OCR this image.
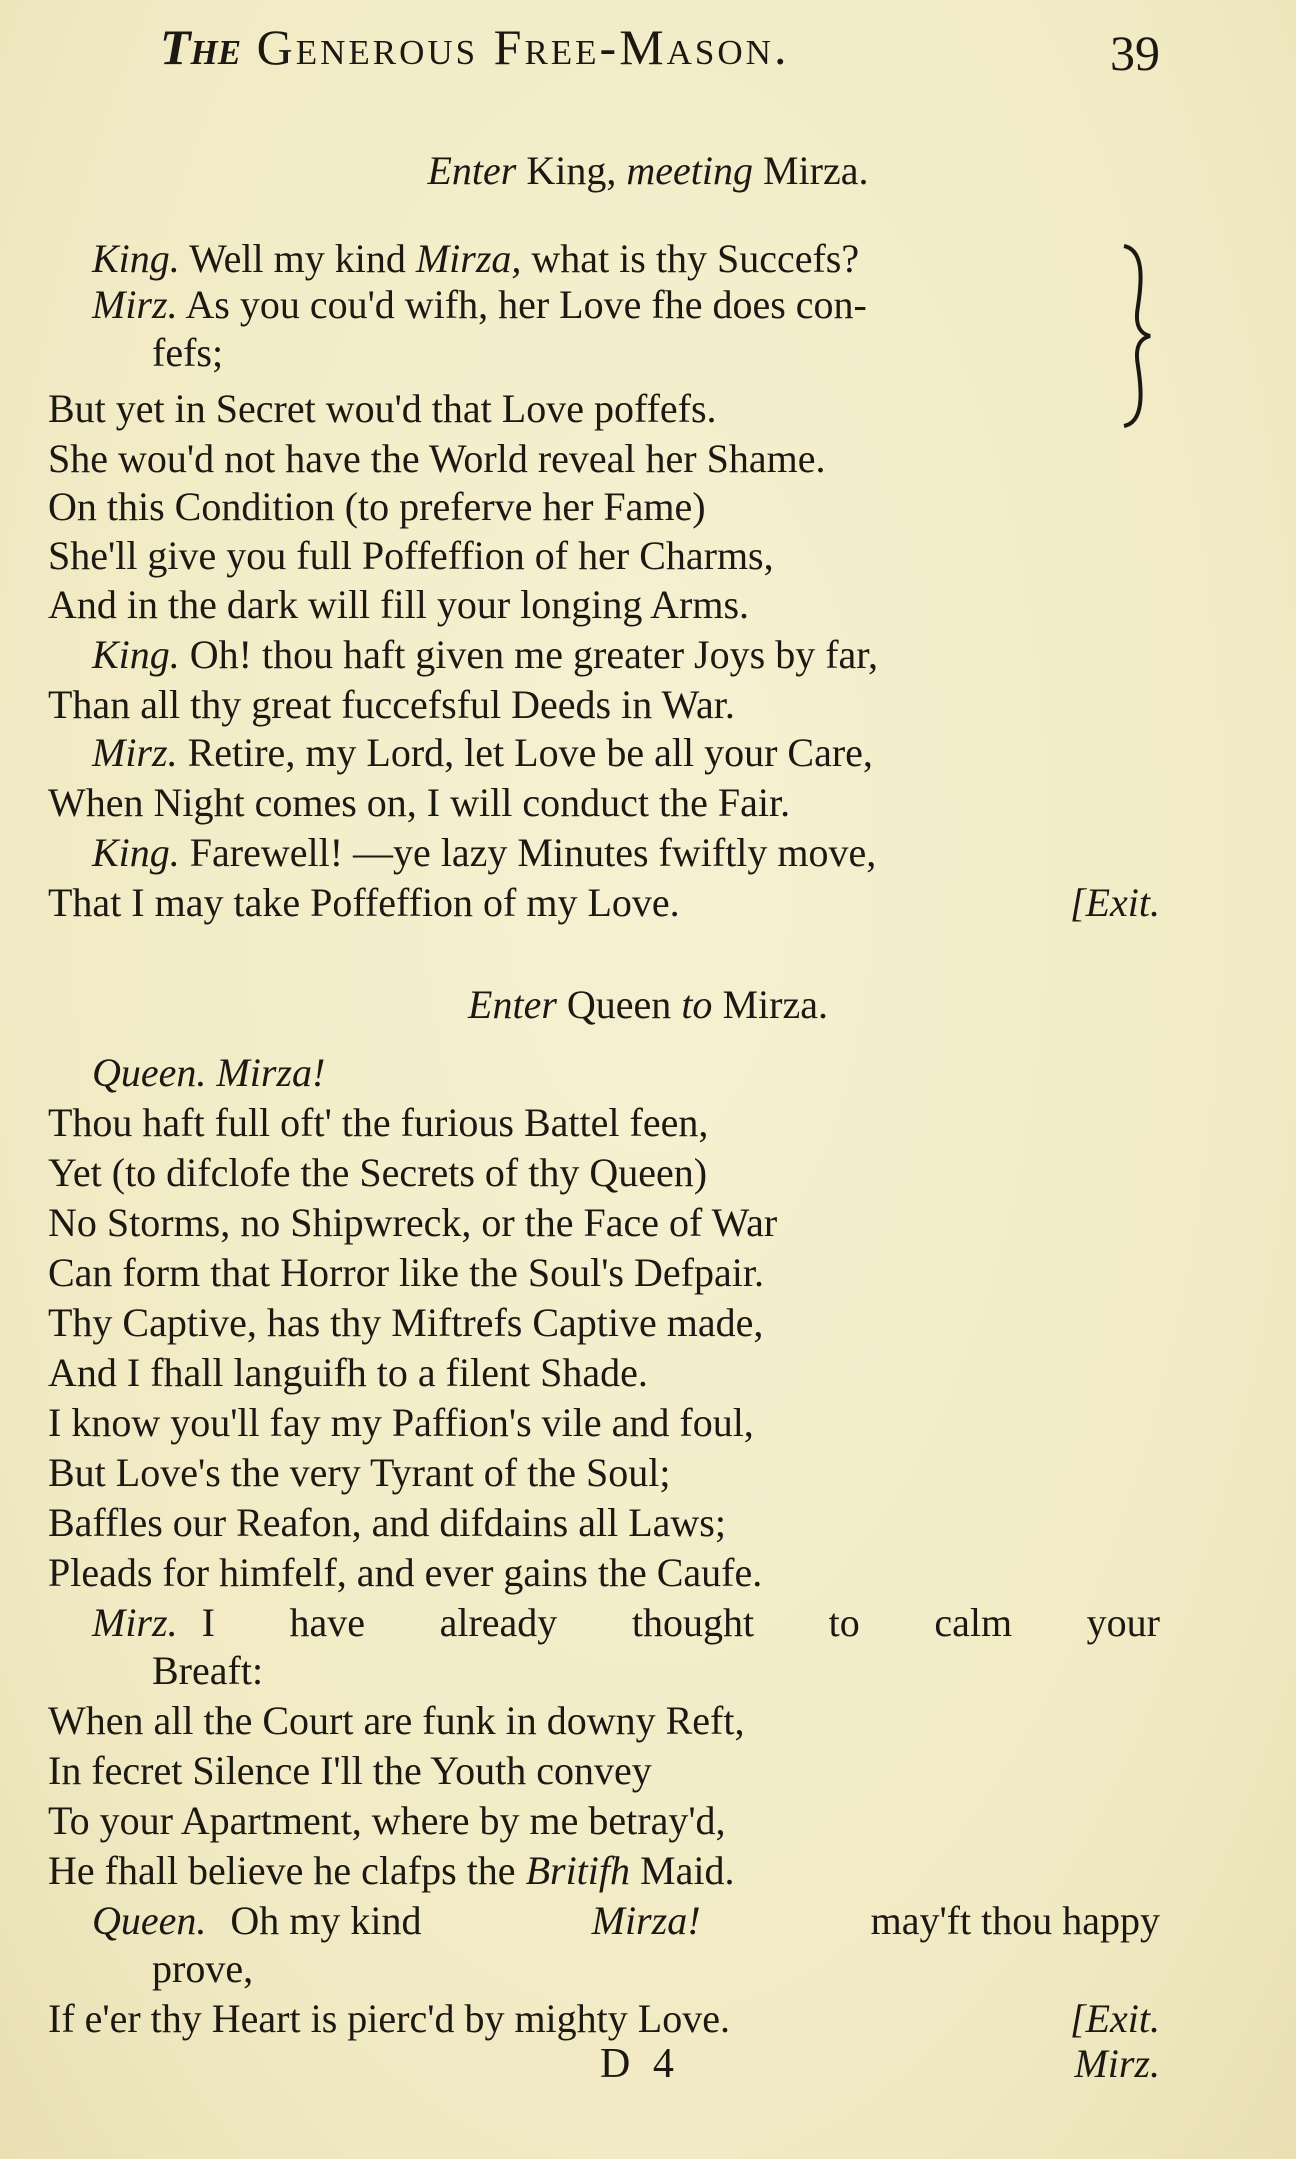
The Generous Free-Mason.	39
Enter King, meeting Mirza.
King. Well my kind Mirza, what is thy Succefs?
Mirz. As you cou'd wifh, her Love fhe does con-
fefs;
But yet in Secret wou'd that Love poffefs.
She wou'd not have the World reveal her Shame.
On this Condition (to preferve her Fame)
She'll give you full Poffeffion of her Charms,
And in the dark will fill your longing Arms.
King. Oh! thou haft given me greater Joys by far,
Than all thy great fuccefsful Deeds in War.
Mirz. Retire, my Lord, let Love be all your Care,
When Night comes on, I will conduct the Fair.
King. Farewell! —ye lazy Minutes fwiftly move,
That I may take Poffeffion of my Love.	[Exit.
Enter Queen to Mirza.
Queen. Mirza!
Thou haft full oft' the furious Battel feen,
Yet (to difclofe the Secrets of thy Queen)
No Storms, no Shipwreck, or the Face of War
Can form that Horror like the Soul's Defpair.
Thy Captive, has thy Miftrefs Captive made,
And I fhall languifh to a filent Shade.
I know you'll fay my Paffion's vile and foul,
But Love's the very Tyrant of the Soul;
Baffles our Reafon, and difdains all Laws;
Pleads for himfelf, and ever gains the Caufe.
Mirz. I have already thought to calm your
Breaft:
When all the Court are funk in downy Reft,
In fecret Silence I'll the Youth convey
To your Apartment, where by me betray'd,
He fhall believe he clafps the Britifh Maid.
Queen. Oh my kind	Mirza!	may'ft thou happy
prove,
If e'er thy Heart is pierc'd by mighty Love.	[Exit.
D 4	Mirz.
